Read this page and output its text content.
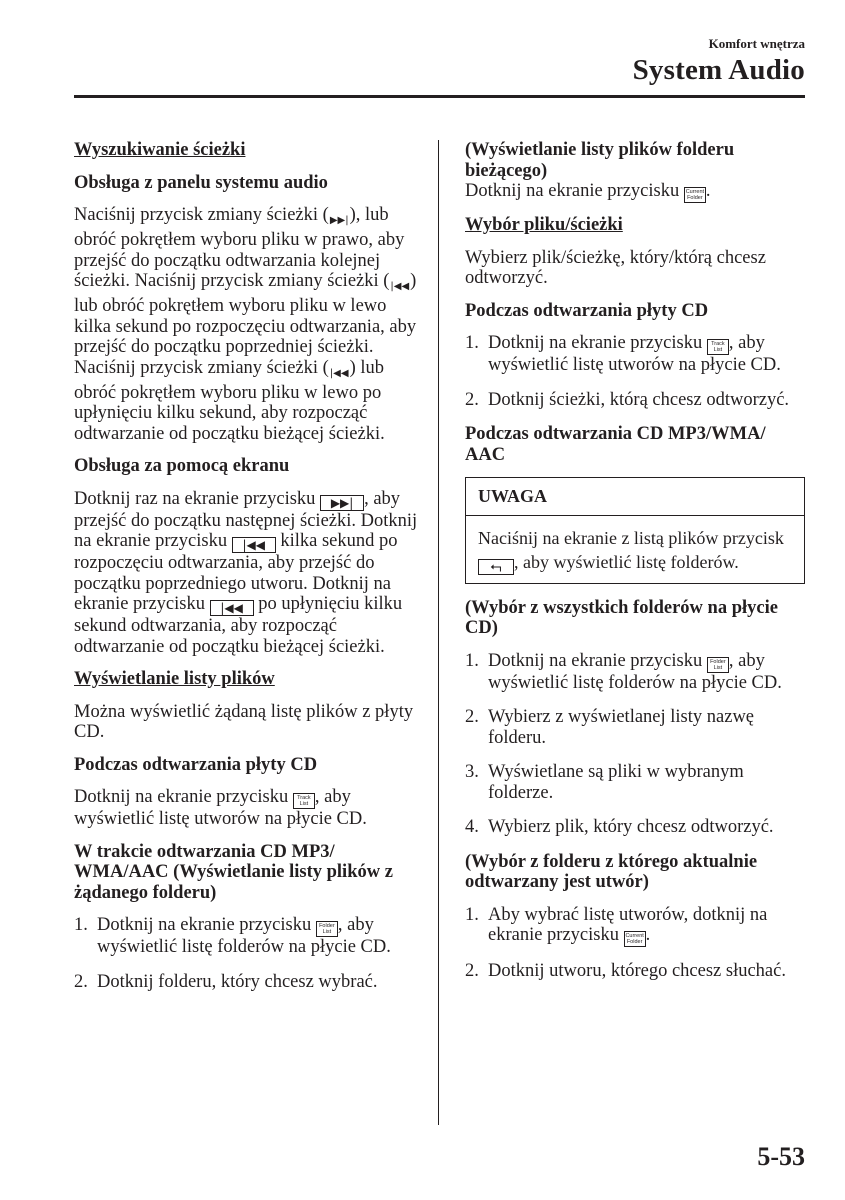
Komfort wnętrza
System Audio
Wyszukiwanie ścieżki
Obsługa z panelu systemu audio

Naciśnij przycisk zmiany ścieżki (▶▶|), lub obróć pokrętłem wyboru pliku w prawo, aby przejść do początku odtwarzania kolejnej ścieżki. Naciśnij przycisk zmiany ścieżki (|◀◀) lub obróć pokrętłem wyboru pliku w lewo kilka sekund po rozpoczęciu odtwarzania, aby przejść do początku poprzedniej ścieżki. Naciśnij przycisk zmiany ścieżki (|◀◀) lub obróć pokrętłem wyboru pliku w lewo po upłynięciu kilku sekund, aby rozpocząć odtwarzanie od początku bieżącej ścieżki.

Obsługa za pomocą ekranu

Dotknij raz na ekranie przycisku ▶▶| , aby przejść do początku następnej ścieżki. Dotknij na ekranie przycisku |◀◀ kilka sekund po rozpoczęciu odtwarzania, aby przejść do początku poprzedniego utworu. Dotknij na ekranie przycisku |◀◀ po upłynięciu kilku sekund odtwarzania, aby rozpocząć odtwarzanie od początku bieżącej ścieżki.

Wyświetlanie listy plików

Można wyświetlić żądaną listę plików z płyty CD.

Podczas odtwarzania płyty CD

Dotknij na ekranie przycisku Track List , aby wyświetlić listę utworów na płycie CD.

W trakcie odtwarzania CD MP3/ WMA/AAC (Wyświetlanie listy plików z żądanego folderu)
1. Dotknij na ekranie przycisku Folder List , aby wyświetlić listę folderów na płycie CD.
2. Dotknij folderu, który chcesz wybrać.
(Wyświetlanie listy plików folderu bieżącego)

Dotknij na ekranie przycisku Current Folder .

Wybór pliku/ścieżki

Wybierz plik/ścieżkę, który/którą chcesz odtworzyć.

Podczas odtwarzania płyty CD
1. Dotknij na ekranie przycisku Track List , aby wyświetlić listę utworów na płycie CD.
2. Dotknij ścieżki, którą chcesz odtworzyć.
Podczas odtwarzania CD MP3/WMA/ AAC
UWAGA
Naciśnij na ekranie z listą plików przycisk ⮢ , aby wyświetlić listę folderów.
(Wybór z wszystkich folderów na płycie CD)
1. Dotknij na ekranie przycisku Folder List , aby wyświetlić listę folderów na płycie CD.
2. Wybierz z wyświetlanej listy nazwę folderu.
3. Wyświetlane są pliki w wybranym folderze.
4. Wybierz plik, który chcesz odtworzyć.
(Wybór z folderu z którego aktualnie odtwarzany jest utwór)
1. Aby wybrać listę utworów, dotknij na ekranie przycisku Current Folder .
2. Dotknij utworu, którego chcesz słuchać.
5-53
